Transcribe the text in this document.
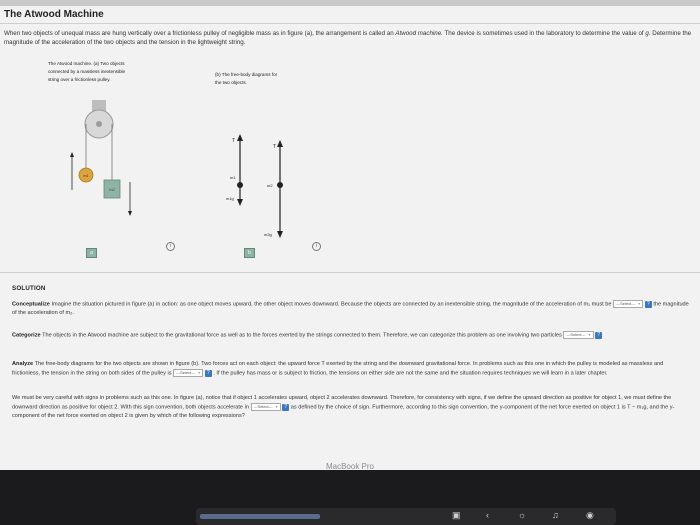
The Atwood Machine
When two objects of unequal mass are hung vertically over a frictionless pulley of negligible mass as in figure (a), the arrangement is called an Atwood machine. The device is sometimes used in the laboratory to determine the value of g. Determine the magnitude of the acceleration of the two objects and the tension in the lightweight string.
The Atwood machine. (a) Two objects
connected by a massless inextensible
string over a frictionless pulley.
(b) The free-body diagrams for
the two objects.
m1
m2
T
m1
m1g
T
m2
m2g
a
i
b
i
SOLUTION
Conceptualize Imagine the situation pictured in figure (a) in action: as one object moves upward, the other object moves downward. Because the objects are connected by an inextensible string, the magnitude of the acceleration of m₁ must be ---Select--- ▾ ? the magnitude of the acceleration of m₂.
Categorize The objects in the Atwood machine are subject to the gravitational force as well as to the forces exerted by the strings connected to them. Therefore, we can categorize this problem as one involving two particles ---Select--- ▾ ?
Analyze The free-body diagrams for the two objects are shown in figure (b). Two forces act on each object: the upward force T exerted by the string and the downward gravitational force. In problems such as this one in which the pulley is modeled as massless and frictionless, the tension in the string on both sides of the pulley is ---Select--- ▾ ? . If the pulley has mass or is subject to friction, the tensions on either side are not the same and the situation requires techniques we will learn in a later chapter.
We must be very careful with signs in problems such as this one. In figure (a), notice that if object 1 accelerates upward, object 2 accelerates downward. Therefore, for consistency with signs, if we define the upward direction as positive for object 1, we must define the downward direction as positive for object 2. With this sign convention, both objects accelerate in ---Select--- ▾ ? as defined by the choice of sign. Furthermore, according to this sign convention, the y-component of the net force exerted on object 1 is T − m₁g, and the y-component of the net force exerted on object 2 is given by which of the following expressions?
MacBook Pro
▣	‹	☼	♫	◉
